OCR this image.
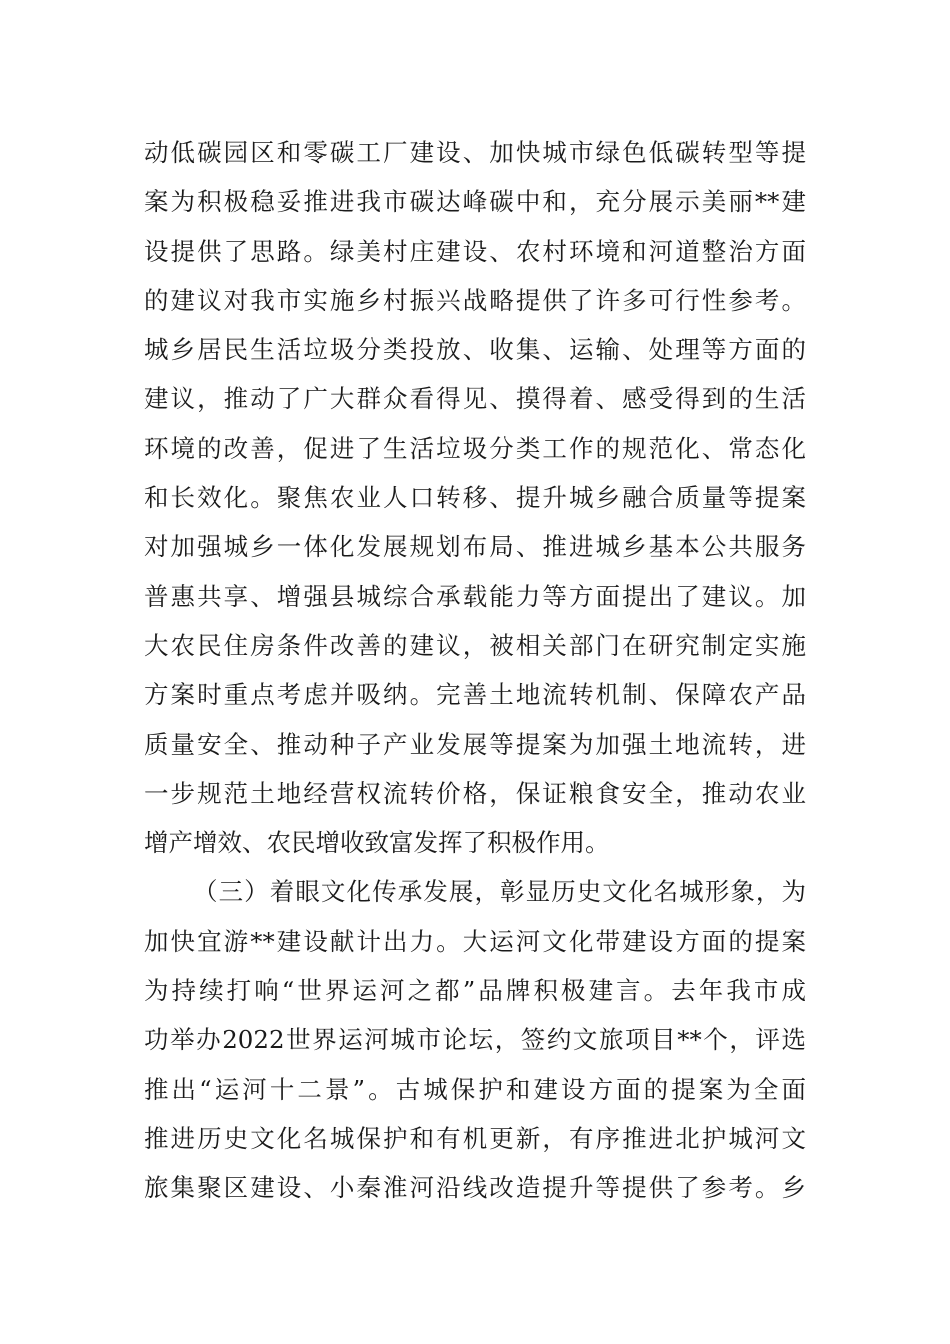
动低碳园区和零碳工厂建设、加快城市绿色低碳转型等提
案为积极稳妥推进我市碳达峰碳中和，充分展示美丽**建
设提供了思路。绿美村庄建设、农村环境和河道整治方面
的建议对我市实施乡村振兴战略提供了许多可行性参考。
城乡居民生活垃圾分类投放、收集、运输、处理等方面的
建议，推动了广大群众看得见、摸得着、感受得到的生活
环境的改善，促进了生活垃圾分类工作的规范化、常态化
和长效化。聚焦农业人口转移、提升城乡融合质量等提案
对加强城乡一体化发展规划布局、推进城乡基本公共服务
普惠共享、增强县城综合承载能力等方面提出了建议。加
大农民住房条件改善的建议，被相关部门在研究制定实施
方案时重点考虑并吸纳。完善土地流转机制、保障农产品
质量安全、推动种子产业发展等提案为加强土地流转，进
一步规范土地经营权流转价格，保证粮食安全，推动农业
增产增效、农民增收致富发挥了积极作用。
（三）着眼文化传承发展，彰显历史文化名城形象，为
加快宜游**建设献计出力。大运河文化带建设方面的提案
为持续打响“世界运河之都”品牌积极建言。去年我市成
功举办2022世界运河城市论坛，签约文旅项目**个，评选
推出“运河十二景”。古城保护和建设方面的提案为全面
推进历史文化名城保护和有机更新，有序推进北护城河文
旅集聚区建设、小秦淮河沿线改造提升等提供了参考。乡
